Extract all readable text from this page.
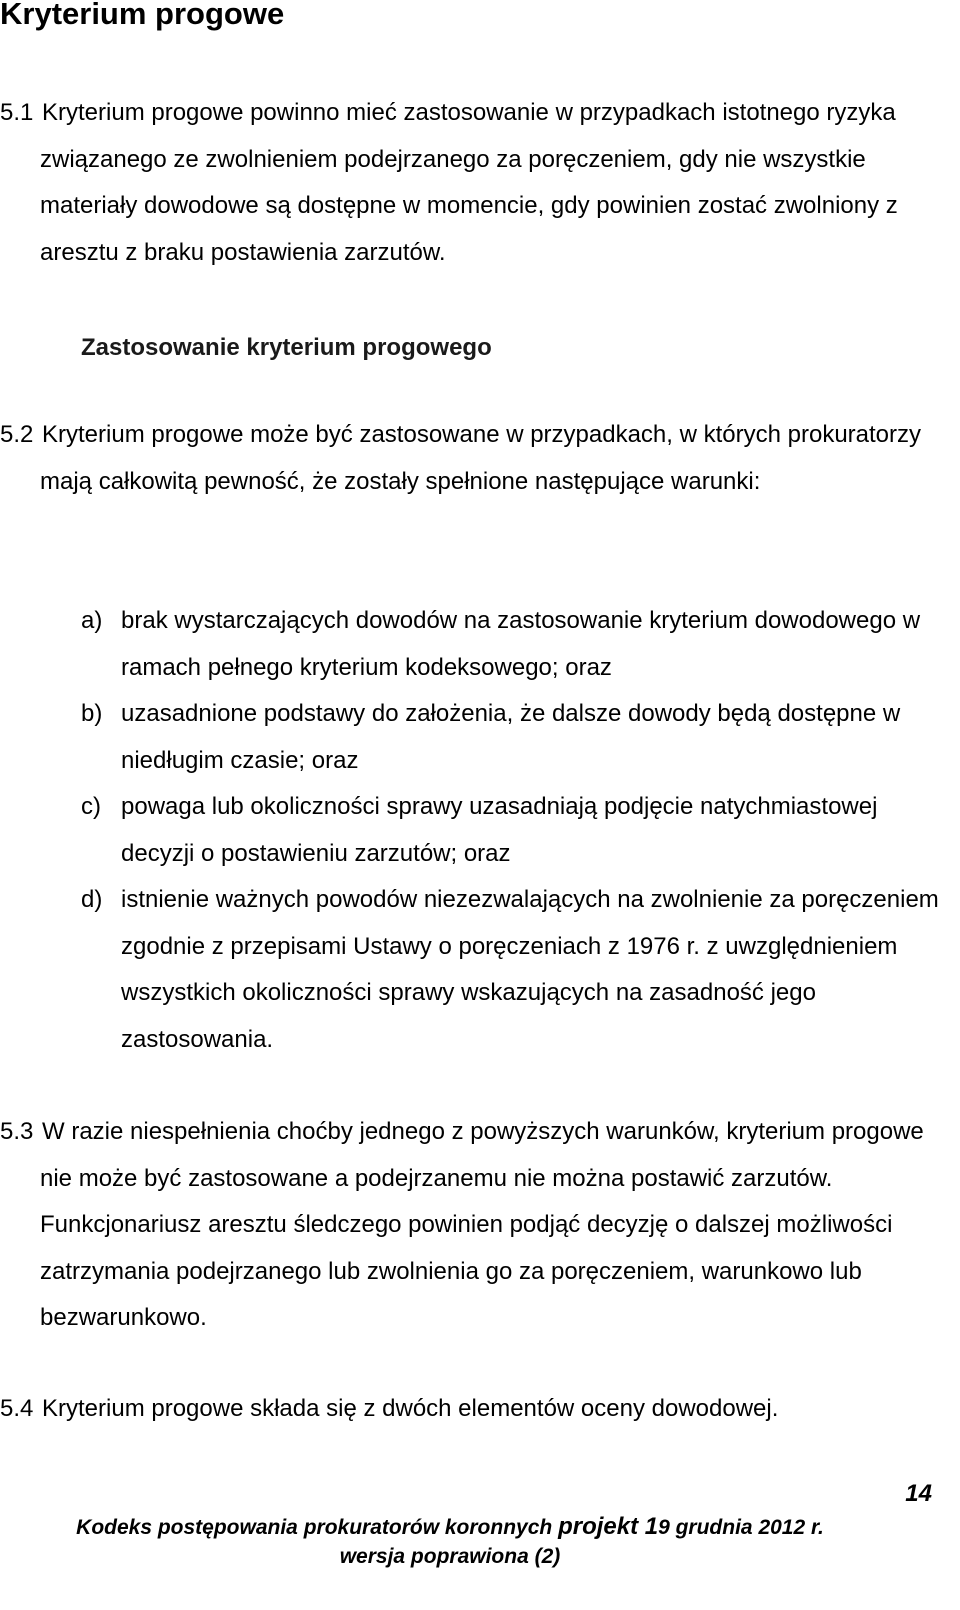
Kryterium progowe

5.1 Kryterium progowe powinno mieć zastosowanie w przypadkach istotnego ryzyka związanego ze zwolnieniem podejrzanego za poręczeniem, gdy nie wszystkie materiały dowodowe są dostępne w momencie, gdy powinien zostać zwolniony z aresztu z braku postawienia zarzutów.

Zastosowanie kryterium progowego

5.2 Kryterium progowe może być zastosowane w przypadkach, w których prokuratorzy mają całkowitą pewność, że zostały spełnione następujące warunki:

a) brak wystarczających dowodów na zastosowanie kryterium dowodowego w ramach pełnego kryterium kodeksowego; oraz
b) uzasadnione podstawy do założenia, że dalsze dowody będą dostępne w niedługim czasie; oraz
c) powaga lub okoliczności sprawy uzasadniają podjęcie natychmiastowej decyzji o postawieniu zarzutów; oraz
d) istnienie ważnych powodów niezezwalających na zwolnienie za poręczeniem zgodnie z przepisami Ustawy o poręczeniach z 1976 r. z uwzględnieniem wszystkich okoliczności sprawy wskazujących na zasadność jego zastosowania.

5.3 W razie niespełnienia choćby jednego z powyższych warunków, kryterium progowe nie może być zastosowane a podejrzanemu nie można postawić zarzutów. Funkcjonariusz aresztu śledczego powinien podjąć decyzję o dalszej możliwości zatrzymania podejrzanego lub zwolnienia go za poręczeniem, warunkowo lub bezwarunkowo.

5.4 Kryterium progowe składa się z dwóch elementów oceny dowodowej.

14
Kodeks postępowania prokuratorów koronnych projekt 19 grudnia 2012 r.
wersja poprawiona (2)
